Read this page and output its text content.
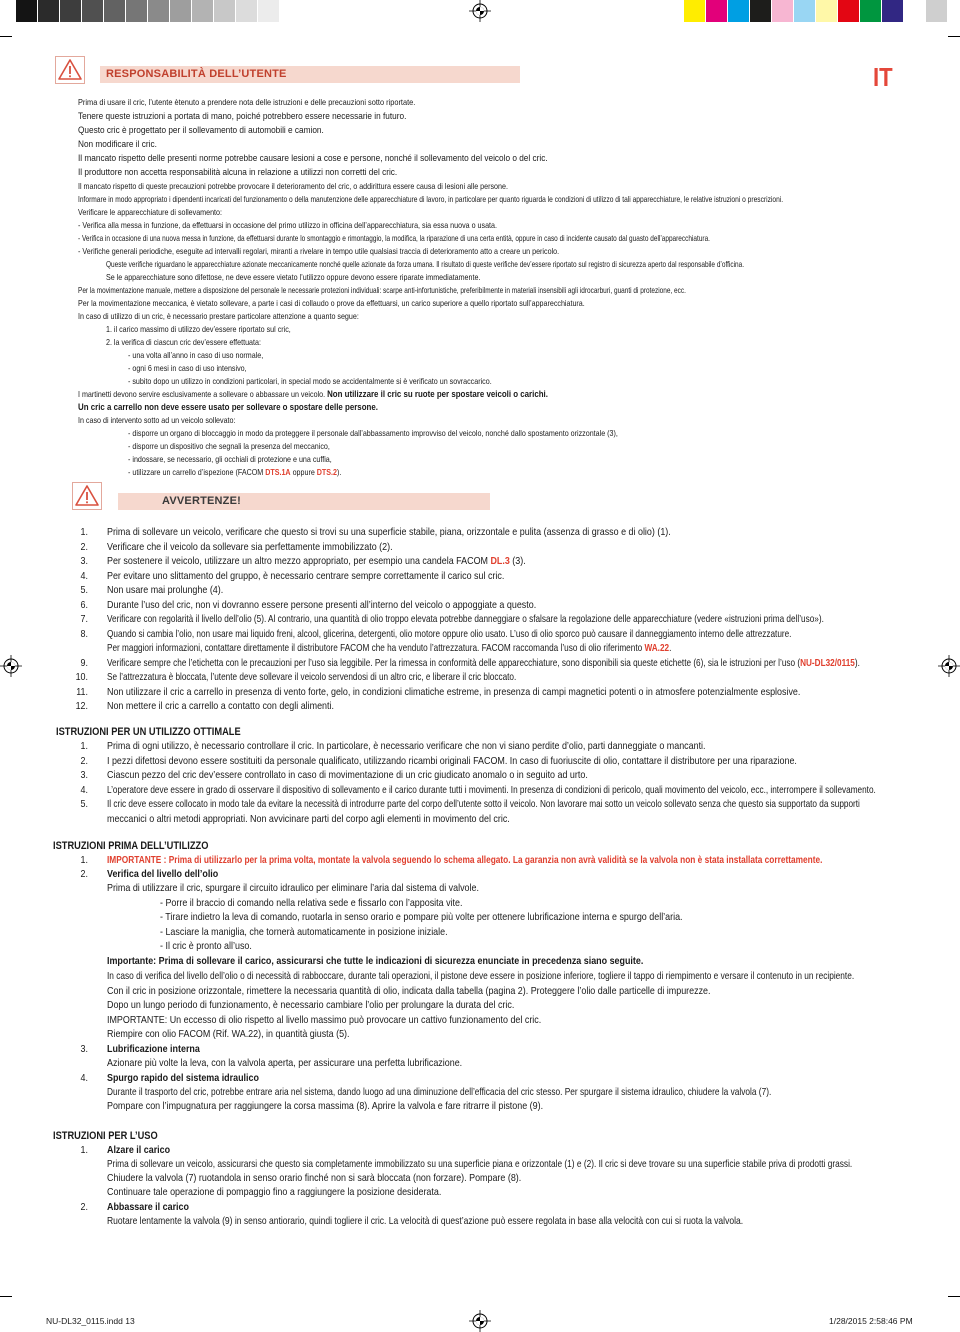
RESPONSABILITÀ DELL’UTENTE	IT
Prima di usare il cric, l’utente ètenuto a prendere nota delle istruzioni e delle precauzioni sotto riportate.
Tenere queste istruzioni a portata di mano, poiché potrebbero essere necessarie in futuro.
Questo cric è progettato per il sollevamento di automobili e camion.
Non modificare il cric.
Il mancato rispetto delle presenti norme potrebbe causare lesioni a cose e persone, nonché il sollevamento del veicolo o del cric.
Il produttore non accetta responsabilità alcuna in relazione a utilizzi non corretti del cric.
Il mancato rispetto di queste precauzioni potrebbe provocare il deterioramento del cric, o addirittura essere causa di lesioni alle persone.
Informare in modo appropriato i dipendenti incaricati del funzionamento o della manutenzione delle apparecchiature di lavoro, in particolare per quanto riguarda le condizioni di utilizzo di tali apparecchiature, le relative istruzioni o prescrizioni.
Verificare le apparecchiature di sollevamento:
- Verifica alla messa in funzione, da effettuarsi in occasione del primo utilizzo in officina dell’apparecchiatura, sia essa nuova o usata.
- Verifica in occasione di una nuova messa in funzione, da effettuarsi durante lo smontaggio e rimontaggio, la modifica, la riparazione di una certa entità, oppure in caso di incidente causato dal guasto dell’apparecchiatura.
- Verifiche generali periodiche, eseguite ad intervalli regolari, miranti a rivelare in tempo utile qualsiasi traccia di deterioramento atto a creare un pericolo.
Queste verifiche riguardano le apparecchiature azionate meccanicamente nonché quelle azionate da forza umana. Il risultato di queste verifiche dev’essere riportato sul registro di sicurezza aperto dal responsabile d’officina.
Se le apparecchiature sono difettose, ne deve essere vietato l’utilizzo oppure devono essere riparate immediatamente.
Per la movimentazione manuale, mettere a disposizione del personale le necessarie protezioni individuali: scarpe anti-infortunistiche, preferibilmente in materiali insensibili agli idrocarburi, guanti di protezione, ecc.
Per la movimentazione meccanica, è vietato sollevare, a parte i casi di collaudo o prove da effettuarsi, un carico superiore a quello riportato sull’apparecchiatura.
In caso di utilizzo di un cric, è necessario prestare particolare attenzione a quanto segue:
1. il carico massimo di utilizzo dev’essere riportato sul cric,
2. la verifica di ciascun cric dev’essere effettuata:
- una volta all’anno in caso di uso normale,
- ogni 6 mesi in caso di uso intensivo,
- subito dopo un utilizzo in condizioni particolari, in special modo se accidentalmente si è verificato un sovraccarico.
I martinetti devono servire esclusivamente a sollevare o abbassare un veicolo. Non utilizzare il cric su ruote per spostare veicoli o carichi.
Un cric a carrello non deve essere usato per sollevare o spostare delle persone.
In caso di intervento sotto ad un veicolo sollevato:
- disporre un organo di bloccaggio in modo da proteggere il personale dall’abbassamento improvviso del veicolo, nonché dallo spostamento orizzontale (3),
- disporre un dispositivo che segnali la presenza del meccanico,
- indossare, se necessario, gli occhiali di protezione e una cuffia,
- utilizzare un carrello d’ispezione (FACOM DTS.1A oppure DTS.2).
AVVERTENZE!
1. Prima di sollevare un veicolo, verificare che questo si trovi su una superficie stabile, piana, orizzontale e pulita (assenza di grasso e di olio) (1).
2. Verificare che il veicolo da sollevare sia perfettamente immobilizzato (2).
3. Per sostenere il veicolo, utilizzare un altro mezzo appropriato, per esempio una candela FACOM DL.3 (3).
4. Per evitare uno slittamento del gruppo, è necessario centrare sempre correttamente il carico sul cric.
5. Non usare mai prolunghe (4).
6. Durante l’uso del cric, non vi dovranno essere persone presenti all’interno del veicolo o appoggiate a questo.
7. Verificare con regolarità il livello dell’olio (5). Al contrario, una quantità di olio troppo elevata potrebbe danneggiare o sfalsare la regolazione delle apparecchiature (vedere «istruzioni prima dell’uso»).
8. Quando si cambia l’olio, non usare mai liquido freni, alcool, glicerina, detergenti, olio motore oppure olio usato. L’uso di olio sporco può causare il danneggiamento interno delle attrezzature.
Per maggiori informazioni, contattare direttamente il distributore FACOM che ha venduto l’attrezzatura. FACOM raccomanda l’uso di olio riferimento WA.22.
9. Verificare sempre che l’etichetta con le precauzioni per l’uso sia leggibile. Per la rimessa in conformità delle apparecchiature, sono disponibili sia queste etichette (6), sia le istruzioni per l’uso (NU-DL32/0115).
10. Se l’attrezzatura è bloccata, l’utente deve sollevare il veicolo servendosi di un altro cric, e liberare il cric bloccato.
11. Non utilizzare il cric a carrello in presenza di vento forte, gelo, in condizioni climatiche estreme, in presenza di campi magnetici potenti o in atmosfere potenzialmente esplosive.
12. Non mettere il cric a carrello a contatto con degli alimenti.
ISTRUZIONI PER UN UTILIZZO OTTIMALE
1. Prima di ogni utilizzo, è necessario controllare il cric. In particolare, è necessario verificare che non vi siano perdite d’olio, parti danneggiate o mancanti.
2. I pezzi difettosi devono essere sostituiti da personale qualificato, utilizzando ricambi originali FACOM. In caso di fuoriuscite di olio, contattare il distributore per una riparazione.
3. Ciascun pezzo del cric dev’essere controllato in caso di movimentazione di un cric giudicato anomalo o in seguito ad urto.
4. L’operatore deve essere in grado di osservare il dispositivo di sollevamento e il carico durante tutti i movimenti. In presenza di condizioni di pericolo, quali movimento del veicolo, ecc., interrompere il sollevamento.
5. Il cric deve essere collocato in modo tale da evitare la necessità di introdurre parte del corpo dell’utente sotto il veicolo. Non lavorare mai sotto un veicolo sollevato senza che questo sia supportato da supporti
meccanici o altri metodi appropriati. Non avvicinare parti del corpo agli elementi in movimento del cric.
ISTRUZIONI PRIMA DELL’UTILIZZO
1. IMPORTANTE : Prima di utilizzarlo per la prima volta, montate la valvola seguendo lo schema allegato. La garanzia non avrà validità se la valvola non è stata installata correttamente.
2. Verifica del livello dell’olio
Prima di utilizzare il cric, spurgare il circuito idraulico per eliminare l’aria dal sistema di valvole.
- Porre il braccio di comando nella relativa sede e fissarlo con l’apposita vite.
- Tirare indietro la leva di comando, ruotarla in senso orario e pompare più volte per ottenere lubrificazione interna e spurgo dell’aria.
- Lasciare la maniglia, che tornerà automaticamente in posizione iniziale.
- Il cric è pronto all’uso.
Importante: Prima di sollevare il carico, assicurarsi che tutte le indicazioni di sicurezza enunciate in precedenza siano seguite.
In caso di verifica del livello dell’olio o di necessità di rabboccare, durante tali operazioni, il pistone deve essere in posizione inferiore, togliere il tappo di riempimento e versare il contenuto in un recipiente.
Con il cric in posizione orizzontale, rimettere la necessaria quantità di olio, indicata dalla tabella (pagina 2). Proteggere l’olio dalle particelle di impurezze.
Dopo un lungo periodo di funzionamento, è necessario cambiare l’olio per prolungare la durata del cric.
IMPORTANTE: Un eccesso di olio rispetto al livello massimo può provocare un cattivo funzionamento del cric.
Riempire con olio FACOM (Rif. WA.22), in quantità giusta (5).
3. Lubrificazione interna
Azionare più volte la leva, con la valvola aperta, per assicurare una perfetta lubrificazione.
4. Spurgo rapido del sistema idraulico
Durante il trasporto del cric, potrebbe entrare aria nel sistema, dando luogo ad una diminuzione dell’efficacia del cric stesso. Per spurgare il sistema idraulico, chiudere la valvola (7).
Pompare con l’impugnatura per raggiungere la corsa massima (8). Aprire la valvola e fare ritrarre il pistone (9).
ISTRUZIONI PER L’USO
1. Alzare il carico
Prima di sollevare un veicolo, assicurarsi che questo sia completamente immobilizzato su una superficie piana e orizzontale (1) e (2). Il cric si deve trovare su una superficie stabile priva di prodotti grassi.
Chiudere la valvola (7) ruotandola in senso orario finché non si sarà bloccata (non forzare). Pompare (8).
Continuare tale operazione di pompaggio fino a raggiungere la posizione desiderata.
2. Abbassare il carico
Ruotare lentamente la valvola (9) in senso antiorario, quindi togliere il cric. La velocità di quest’azione può essere regolata in base alla velocità con cui si ruota la valvola.
NU-DL32_0115.indd 13	1/28/2015 2:58:46 PM
